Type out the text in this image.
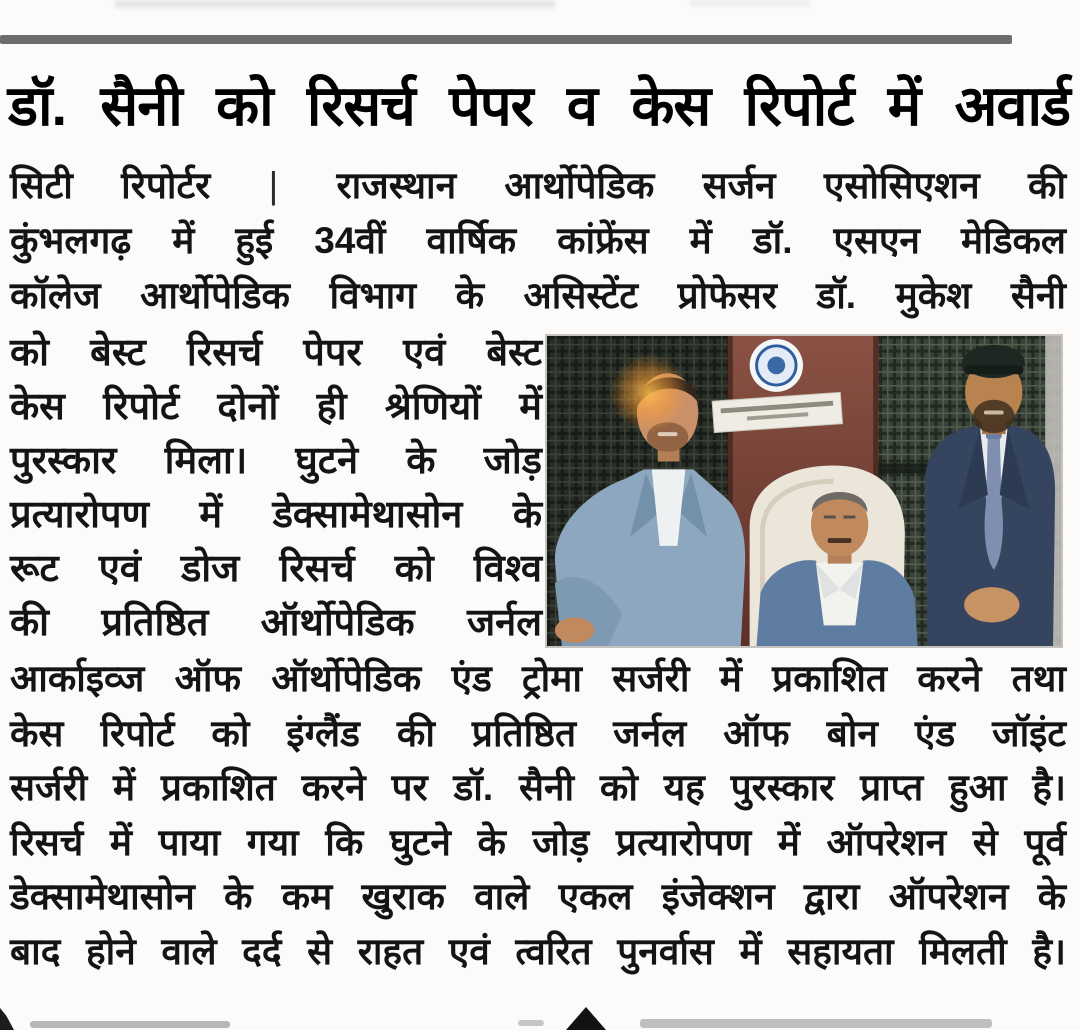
डॉ. सैनी को रिसर्च पेपर व केस रिपोर्ट में अवार्ड
सिटी रिपोर्टर | राजस्थान आर्थोपेडिक सर्जन एसोसिएशन की
कुंभलगढ़ में हुई 34वीं वार्षिक कांफ्रेंस में डॉ. एसएन मेडिकल
कॉलेज आर्थोपेडिक विभाग के असिस्टेंट प्रोफेसर डॉ. मुकेश सैनी
को बेस्ट रिसर्च पेपर एवं बेस्ट
केस रिपोर्ट दोनों ही श्रेणियों में
पुरस्कार मिला। घुटने के जोड़
प्रत्यारोपण में डेक्सामेथासोन के
रूट एवं डोज रिसर्च को विश्व
की प्रतिष्ठित ऑर्थोपेडिक जर्नल
आर्काइव्ज ऑफ ऑर्थोपेडिक एंड ट्रोमा सर्जरी में प्रकाशित करने तथा
केस रिपोर्ट को इंग्लैंड की प्रतिष्ठित जर्नल ऑफ बोन एंड जॉइंट
सर्जरी में प्रकाशित करने पर डॉ. सैनी को यह पुरस्कार प्राप्त हुआ है।
रिसर्च में पाया गया कि घुटने के जोड़ प्रत्यारोपण में ऑपरेशन से पूर्व
डेक्सामेथासोन के कम खुराक वाले एकल इंजेक्शन द्वारा ऑपरेशन के
बाद होने वाले दर्द से राहत एवं त्वरित पुनर्वास में सहायता मिलती है।
